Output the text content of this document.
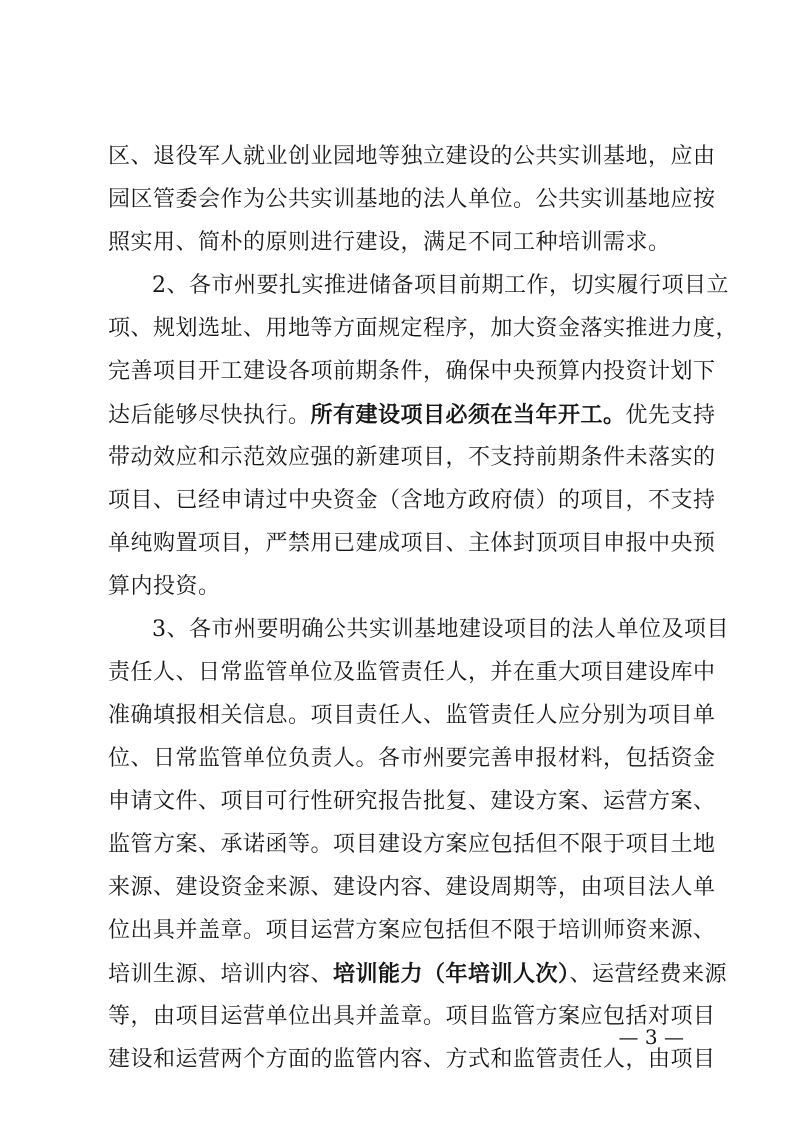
区、退役军人就业创业园地等独立建设的公共实训基地，应由
园区管委会作为公共实训基地的法人单位。公共实训基地应按
照实用、简朴的原则进行建设，满足不同工种培训需求。
2、各市州要扎实推进储备项目前期工作，切实履行项目立
项、规划选址、用地等方面规定程序，加大资金落实推进力度，
完善项目开工建设各项前期条件，确保中央预算内投资计划下
达后能够尽快执行。所有建设项目必须在当年开工。优先支持
带动效应和示范效应强的新建项目，不支持前期条件未落实的
项目、已经申请过中央资金（含地方政府债）的项目，不支持
单纯购置项目，严禁用已建成项目、主体封顶项目申报中央预
算内投资。
3、各市州要明确公共实训基地建设项目的法人单位及项目
责任人、日常监管单位及监管责任人，并在重大项目建设库中
准确填报相关信息。项目责任人、监管责任人应分别为项目单
位、日常监管单位负责人。各市州要完善申报材料，包括资金
申请文件、项目可行性研究报告批复、建设方案、运营方案、
监管方案、承诺函等。项目建设方案应包括但不限于项目土地
来源、建设资金来源、建设内容、建设周期等，由项目法人单
位出具并盖章。项目运营方案应包括但不限于培训师资来源、
培训生源、培训内容、培训能力（年培训人次）、运营经费来源
等，由项目运营单位出具并盖章。项目监管方案应包括对项目
建设和运营两个方面的监管内容、方式和监管责任人，由项目
— 3 —
